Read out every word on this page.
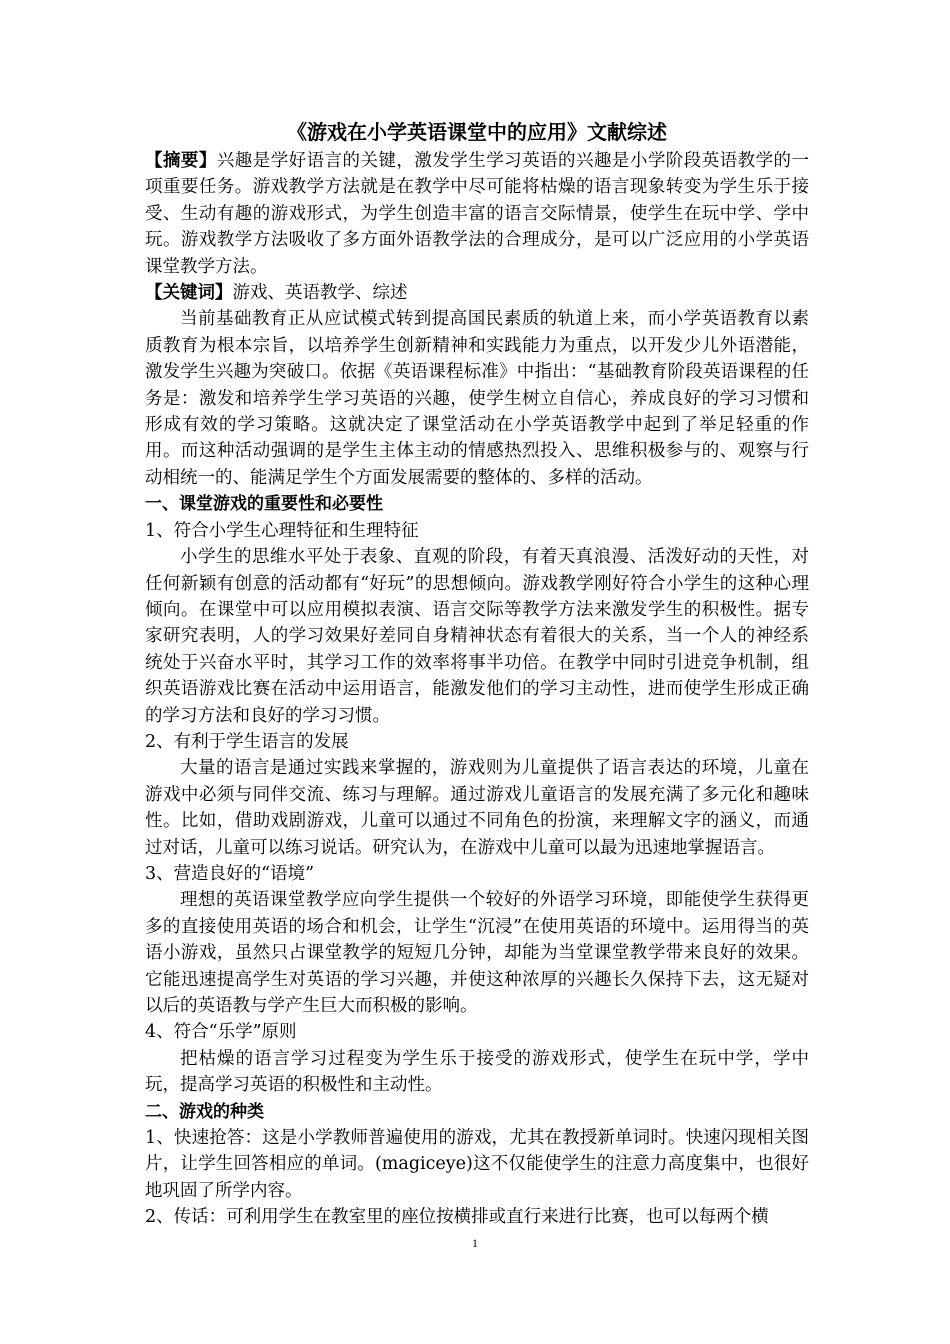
《游戏在小学英语课堂中的应用》文献综述

【摘要】兴趣是学好语言的关键，激发学生学习英语的兴趣是小学阶段英语教学的一项重要任务。游戏教学方法就是在教学中尽可能将枯燥的语言现象转变为学生乐于接受、生动有趣的游戏形式，为学生创造丰富的语言交际情景，使学生在玩中学、学中玩。游戏教学方法吸收了多方面外语教学法的合理成分，是可以广泛应用的小学英语课堂教学方法。

【关键词】游戏、英语教学、综述

当前基础教育正从应试模式转到提高国民素质的轨道上来，而小学英语教育以素质教育为根本宗旨，以培养学生创新精神和实践能力为重点，以开发少儿外语潜能，激发学生兴趣为突破口。依据《英语课程标准》中指出：“基础教育阶段英语课程的任务是：激发和培养学生学习英语的兴趣，使学生树立自信心，养成良好的学习习惯和形成有效的学习策略。这就决定了课堂活动在小学英语教学中起到了举足轻重的作用。而这种活动强调的是学生主体主动的情感热烈投入、思维积极参与的、观察与行动相统一的、能满足学生个方面发展需要的整体的、多样的活动。

一、课堂游戏的重要性和必要性

1、符合小学生心理特征和生理特征

小学生的思维水平处于表象、直观的阶段，有着天真浪漫、活泼好动的天性，对任何新颖有创意的活动都有“好玩”的思想倾向。游戏教学刚好符合小学生的这种心理倾向。在课堂中可以应用模拟表演、语言交际等教学方法来激发学生的积极性。据专家研究表明，人的学习效果好差同自身精神状态有着很大的关系，当一个人的神经系统处于兴奋水平时，其学习工作的效率将事半功倍。在教学中同时引进竞争机制，组织英语游戏比赛在活动中运用语言，能激发他们的学习主动性，进而使学生形成正确的学习方法和良好的学习习惯。

2、有利于学生语言的发展

大量的语言是通过实践来掌握的，游戏则为儿童提供了语言表达的环境，儿童在游戏中必须与同伴交流、练习与理解。通过游戏儿童语言的发展充满了多元化和趣味性。比如，借助戏剧游戏，儿童可以通过不同角色的扮演，来理解文字的涵义，而通过对话，儿童可以练习说话。研究认为，在游戏中儿童可以最为迅速地掌握语言。

3、营造良好的“语境”

理想的英语课堂教学应向学生提供一个较好的外语学习环境，即能使学生获得更多的直接使用英语的场合和机会，让学生“沉浸”在使用英语的环境中。运用得当的英语小游戏，虽然只占课堂教学的短短几分钟，却能为当堂课堂教学带来良好的效果。它能迅速提高学生对英语的学习兴趣，并使这种浓厚的兴趣长久保持下去，这无疑对以后的英语教与学产生巨大而积极的影响。

4、符合“乐学”原则

把枯燥的语言学习过程变为学生乐于接受的游戏形式，使学生在玩中学，学中玩，提高学习英语的积极性和主动性。

二、游戏的种类

1、快速抢答：这是小学教师普遍使用的游戏，尤其在教授新单词时。快速闪现相关图片，让学生回答相应的单词。(magiceye)这不仅能使学生的注意力高度集中，也很好地巩固了所学内容。

2、传话：可利用学生在教室里的座位按横排或直行来进行比赛，也可以每两个横

1
